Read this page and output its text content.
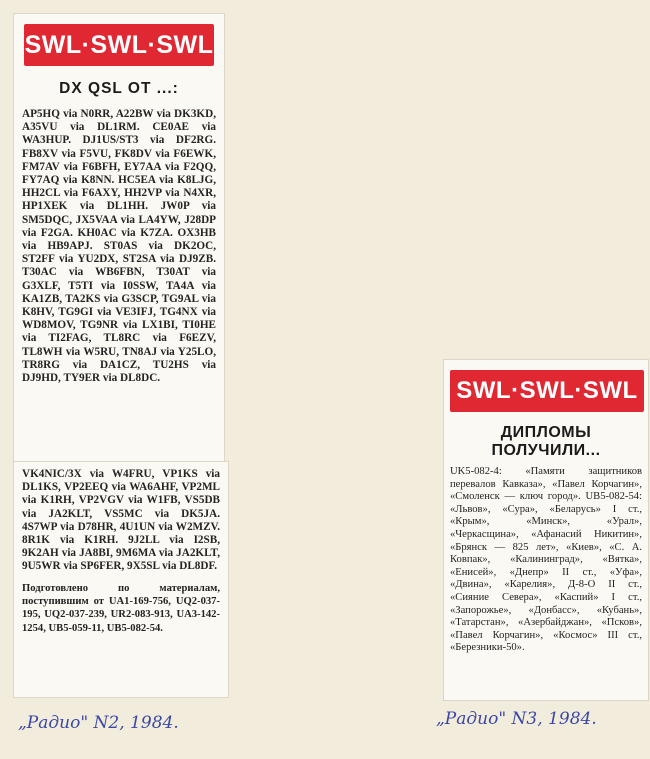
SWL·SWL·SWL
DX QSL OT ...:
AP5HQ via N0RR, A22BW via DK3KD, A35VU via DL1RM. CE0AE via WA3HUP. DJ1US/ST3 via DF2RG. FB8XV via F5VU, FK8DV via F6EWK, FM7AV via F6BFH, EY7AA via F2QQ, FY7AQ via K8NN. HC5EA via K8LJG, HH2CL via F6AXY, HH2VP via N4XR, HP1XEK via DL1HH. JW0P via SM5DQC, JX5VAA via LA4YW, J28DP via F2GA. KH0AC via K7ZA. OX3HB via HB9APJ. ST0AS via DK2OC, ST2FF via YU2DX, ST2SA via DJ9ZB. T30AC via WB6FBN, T30AT via G3XLF, T5TI via I0SSW, TA4A via KA1ZB, TA2KS via G3SCP, TG9AL via K8HV, TG9GI via VE3IFJ, TG4NX via WD8MOV, TG9NR via LX1BI, TI0HE via TI2FAG, TL8RC via F6EZV, TL8WH via W5RU, TN8AJ via Y25LO, TR8RG via DA1CZ, TU2HS via DJ9HD, TY9ER via DL8DC.
VK4NIC/3X via W4FRU, VP1KS via DL1KS, VP2EEQ via WA6AHF, VP2ML via K1RH, VP2VGV via W1FB, VS5DB via JA2KLT, VS5MC via DK5JA. 4S7WP via D78HR, 4U1UN via W2MZV. 8R1K via K1RH. 9J2LL via I2SB, 9K2AH via JA8BI, 9M6MA via JA2KLT, 9U5WR via SP6FER, 9X5SL via DL8DF.
Подготовлено по материалам, поступившим от UA1-169-756, UQ2-037-195, UQ2-037-239, UR2-083-913, UA3-142-1254, UB5-059-11, UB5-082-54.
SWL·SWL·SWL
ДИПЛОМЫ
ПОЛУЧИЛИ...
UK5-082-4: «Памяти защитников перевалов Кавказа», «Павел Корчагин», «Смоленск — ключ город». UB5-082-54: «Львов», «Сура», «Беларусь» I ст., «Крым», «Минск», «Урал», «Черкасщина», «Афанасий Никитин», «Брянск — 825 лет», «Киев», «С. А. Ковпак», «Калининград», «Вятка», «Енисей», «Днепр» II ст., «Уфа», «Двина», «Карелия», Д-8-О II ст., «Сияние Севера», «Каспий» I ст., «Запорожье», «Донбасс», «Кубань», «Татарстан», «Азербайджан», «Псков», «Павел Корчагин», «Космос» III ст., «Березники-50».
„Радио" N2, 1984.	„Радио" N3, 1984.
